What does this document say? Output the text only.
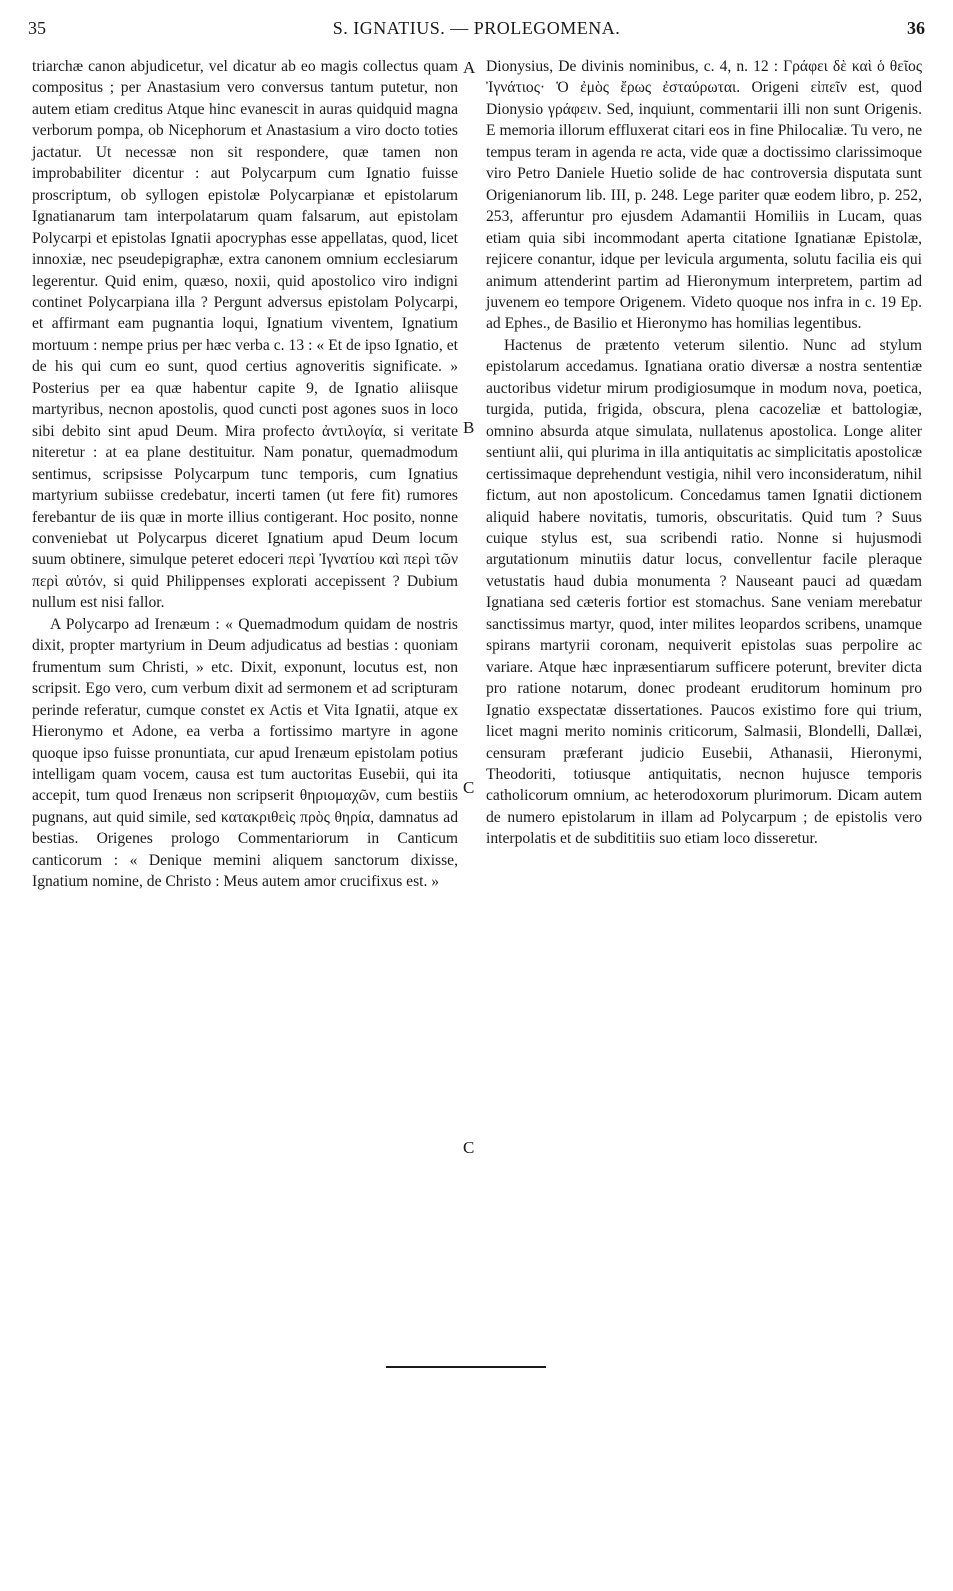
35	S. IGNATIUS. — PROLEGOMENA.	36

triarchæ canon abjudicetur, vel dicatur ab eo magis collectus quam compositus ; per Anastasium vero conversus tantum putetur, non autem etiam creditus Atque hinc evanescit in auras quidquid magna verborum pompa, ob Nicephorum et Anastasium a viro docto toties jactatur. Ut necessæ non sit respondere, quæ tamen non improbabiliter dicentur : aut Polycarpum cum Ignatio fuisse proscriptum, ob syllogen epistolæ Polycarpianæ et epistolarum Ignatianarum tam interpolatarum quam falsarum, aut epistolam Polycarpi et epistolas Ignatii apocryphas esse appellatas, quod, licet innoxiæ, nec pseudepigraphæ, extra canonem omnium ecclesiarum legerentur. Quid enim, quæso, noxii, quid apostolico viro indigni continet Polycarpiana illa ? Pergunt adversus epistolam Polycarpi, et affirmant eam pugnantia loqui, Ignatium viventem, Ignatium mortuum : nempe prius per hæc verba c. 13 : « Et de ipso Ignatio, et de his qui cum eo sunt, quod certius agnoveritis significate. » Posterius per ea quæ habentur capite 9, de Ignatio aliisque martyribus, necnon apostolis, quod cuncti post agones suos in loco sibi debito sint apud Deum. Mira profecto ἀντιλογία, si veritate niteretur : at ea plane destituitur. Nam ponatur, quemadmodum sentimus, scripsisse Polycarpum tunc temporis, cum Ignatius martyrium subiisse credebatur, incerti tamen (ut fere fit) rumores ferebantur de iis quæ in morte illius contigerant. Hoc posito, nonne conveniebat ut Polycarpus diceret Ignatium apud Deum locum suum obtinere, simulque peteret edoceri περὶ Ἰγνατίου καὶ περὶ τῶν περὶ αὐτόν, si quid Philippenses explorati accepissent ? Dubium nullum est nisi fallor.

A Polycarpo ad Irenæum : « Quemadmodum quidam de nostris dixit, propter martyrium in Deum adjudicatus ad bestias : quoniam frumentum sum Christi, » etc. Dixit, exponunt, locutus est, non scripsit. Ego vero, cum verbum dixit ad sermonem et ad scripturam perinde referatur, cumque constet ex Actis et Vita Ignatii, atque ex Hieronymo et Adone, ea verba a fortissimo martyre in agone quoque ipso fuisse pronuntiata, cur apud Irenæum epistolam potius intelligam quam vocem, causa est tum auctoritas Eusebii, qui ita accepit, tum quod Irenæus non scripserit θηριομαχῶν, cum bestiis pugnans, aut quid simile, sed κατακριθεὶς πρὸς θηρία, damnatus ad bestias. Origenes prologo Commentariorum in Canticum canticorum : « Denique memini aliquem sanctorum dixisse, Ignatium nomine, de Christo : Meus autem amor crucifixus est. »

A
B
C
C

Dionysius, De divinis nominibus, c. 4, n. 12 : Γράφει δὲ καὶ ὁ θεῖος Ἰγνάτιος· Ὁ ἐμὸς ἔρως ἐσταύρωται. Origeni εἰπεῖν est, quod Dionysio γράφειν. Sed, inquiunt, commentarii illi non sunt Origenis. E memoria illorum effluxerat citari eos in fine Philocaliæ. Tu vero, ne tempus teram in agenda re acta, vide quæ a doctissimo clarissimoque viro Petro Daniele Huetio solide de hac controversia disputata sunt Origenianorum lib. III, p. 248. Lege pariter quæ eodem libro, p. 252, 253, afferuntur pro ejusdem Adamantii Homiliis in Lucam, quas etiam quia sibi incommodant aperta citatione Ignatianæ Epistolæ, rejicere conantur, idque per levicula argumenta, solutu facilia eis qui animum attenderint partim ad Hieronymum interpretem, partim ad juvenem eo tempore Origenem. Videto quoque nos infra in c. 19 Ep. ad Ephes., de Basilio et Hieronymo has homilias legentibus.

Hactenus de prætento veterum silentio. Nunc ad stylum epistolarum accedamus. Ignatiana oratio diversæ a nostra sententiæ auctoribus videtur mirum prodigiosumque in modum nova, poetica, turgida, putida, frigida, obscura, plena cacozeliæ et battologiæ, omnino absurda atque simulata, nullatenus apostolica. Longe aliter sentiunt alii, qui plurima in illa antiquitatis ac simplicitatis apostolicæ certissimaque deprehendunt vestigia, nihil vero inconsideratum, nihil fictum, aut non apostolicum. Concedamus tamen Ignatii dictionem aliquid habere novitatis, tumoris, obscuritatis. Quid tum ? Suus cuique stylus est, sua scribendi ratio. Nonne si hujusmodi argutationum minutiis datur locus, convellentur facile pleraque vetustatis haud dubia monumenta ? Nauseant pauci ad quædam Ignatiana sed cæteris fortior est stomachus. Sane veniam merebatur sanctissimus martyr, quod, inter milites leopardos scribens, unamque spirans martyrii coronam, nequiverit epistolas suas perpolire ac variare. Atque hæc inpræsentiarum sufficere poterunt, breviter dicta pro ratione notarum, donec prodeant eruditorum hominum pro Ignatio exspectatæ dissertationes. Paucos existimo fore qui trium, licet magni merito nominis criticorum, Salmasii, Blondelli, Dallæi, censuram præferant judicio Eusebii, Athanasii, Hieronymi, Theodoriti, totiusque antiquitatis, necnon hujusce temporis catholicorum omnium, ac heterodoxorum plurimorum. Dicam autem de numero epistolarum in illam ad Polycarpum ; de epistolis vero interpolatis et de subdititiis suo etiam loco disseretur.
